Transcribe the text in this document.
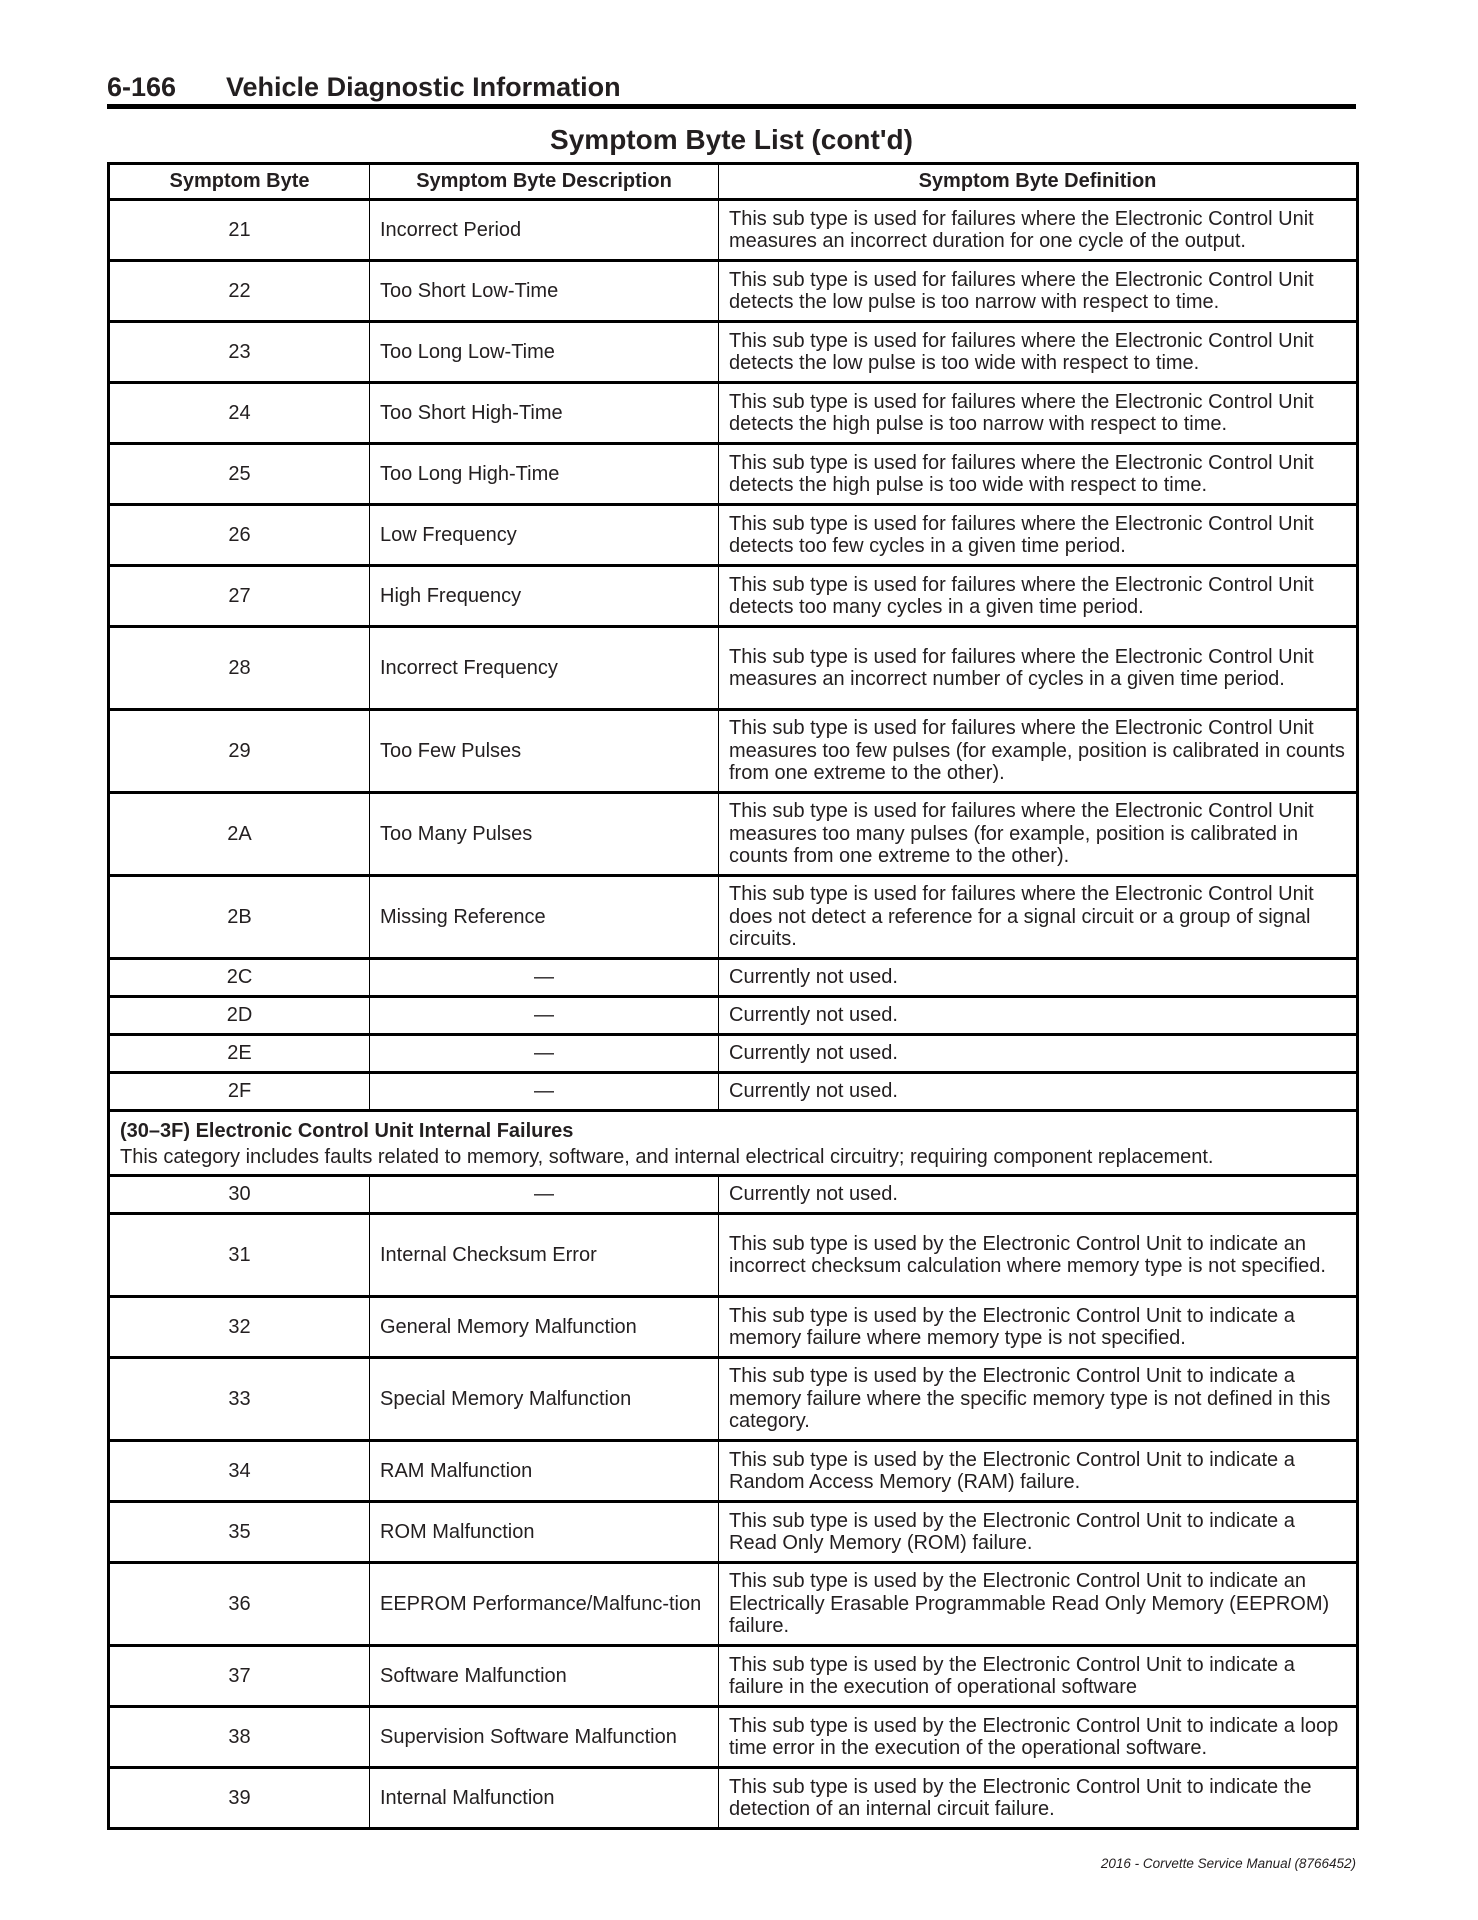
6-166 Vehicle Diagnostic Information
Symptom Byte List (cont'd)
Symptom Byte	Symptom Byte Description	Symptom Byte Definition
21	Incorrect Period	This sub type is used for failures where the Electronic Control Unit measures an incorrect duration for one cycle of the output.
22	Too Short Low-Time	This sub type is used for failures where the Electronic Control Unit detects the low pulse is too narrow with respect to time.
23	Too Long Low-Time	This sub type is used for failures where the Electronic Control Unit detects the low pulse is too wide with respect to time.
24	Too Short High-Time	This sub type is used for failures where the Electronic Control Unit detects the high pulse is too narrow with respect to time.
25	Too Long High-Time	This sub type is used for failures where the Electronic Control Unit detects the high pulse is too wide with respect to time.
26	Low Frequency	This sub type is used for failures where the Electronic Control Unit detects too few cycles in a given time period.
27	High Frequency	This sub type is used for failures where the Electronic Control Unit detects too many cycles in a given time period.
28	Incorrect Frequency	This sub type is used for failures where the Electronic Control Unit measures an incorrect number of cycles in a given time period.
29	Too Few Pulses	This sub type is used for failures where the Electronic Control Unit measures too few pulses (for example, position is calibrated in counts from one extreme to the other).
2A	Too Many Pulses	This sub type is used for failures where the Electronic Control Unit measures too many pulses (for example, position is calibrated in counts from one extreme to the other).
2B	Missing Reference	This sub type is used for failures where the Electronic Control Unit does not detect a reference for a signal circuit or a group of signal circuits.
2C	—	Currently not used.
2D	—	Currently not used.
2E	—	Currently not used.
2F	—	Currently not used.

(30–3F) Electronic Control Unit Internal Failures
This category includes faults related to memory, software, and internal electrical circuitry; requiring component replacement.		

30	—	Currently not used.
31	Internal Checksum Error	This sub type is used by the Electronic Control Unit to indicate an incorrect checksum calculation where memory type is not specified.
32	General Memory Malfunction	This sub type is used by the Electronic Control Unit to indicate a memory failure where memory type is not specified.
33	Special Memory Malfunction	This sub type is used by the Electronic Control Unit to indicate a memory failure where the specific memory type is not defined in this category.
34	RAM Malfunction	This sub type is used by the Electronic Control Unit to indicate a Random Access Memory (RAM) failure.
35	ROM Malfunction	This sub type is used by the Electronic Control Unit to indicate a Read Only Memory (ROM) failure.
36	EEPROM Performance/Malfunc-tion	This sub type is used by the Electronic Control Unit to indicate an Electrically Erasable Programmable Read Only Memory (EEPROM) failure.
37	Software Malfunction	This sub type is used by the Electronic Control Unit to indicate a failure in the execution of operational software
38	Supervision Software Malfunction	This sub type is used by the Electronic Control Unit to indicate a loop time error in the execution of the operational software.
39	Internal Malfunction	This sub type is used by the Electronic Control Unit to indicate the detection of an internal circuit failure.
2016 - Corvette Service Manual (8766452)
